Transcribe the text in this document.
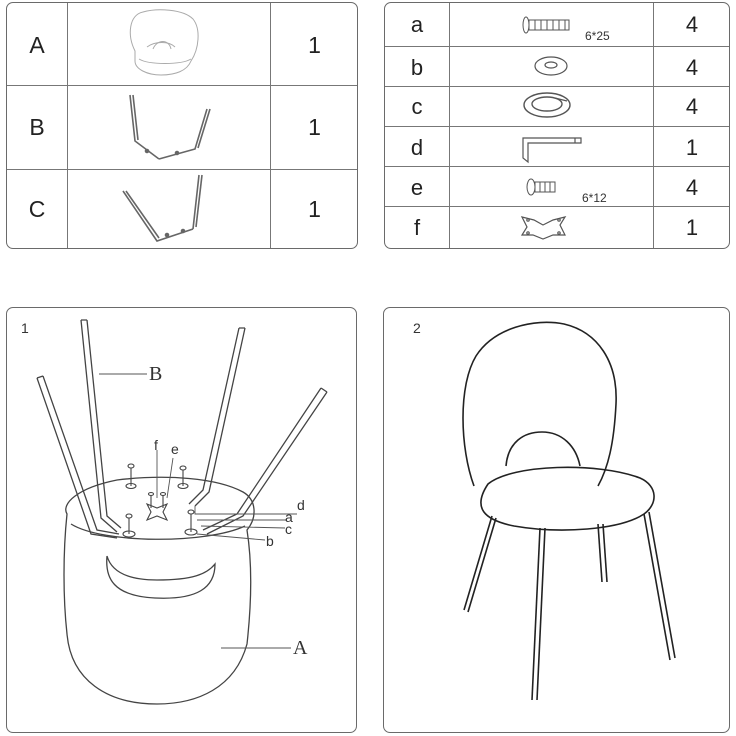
A	1
B	1
C	1
a	4
b	4
c	4
d	1
e	4
f	1
6*25
6*12
1
B
A
f e
d
a
c
b
2
